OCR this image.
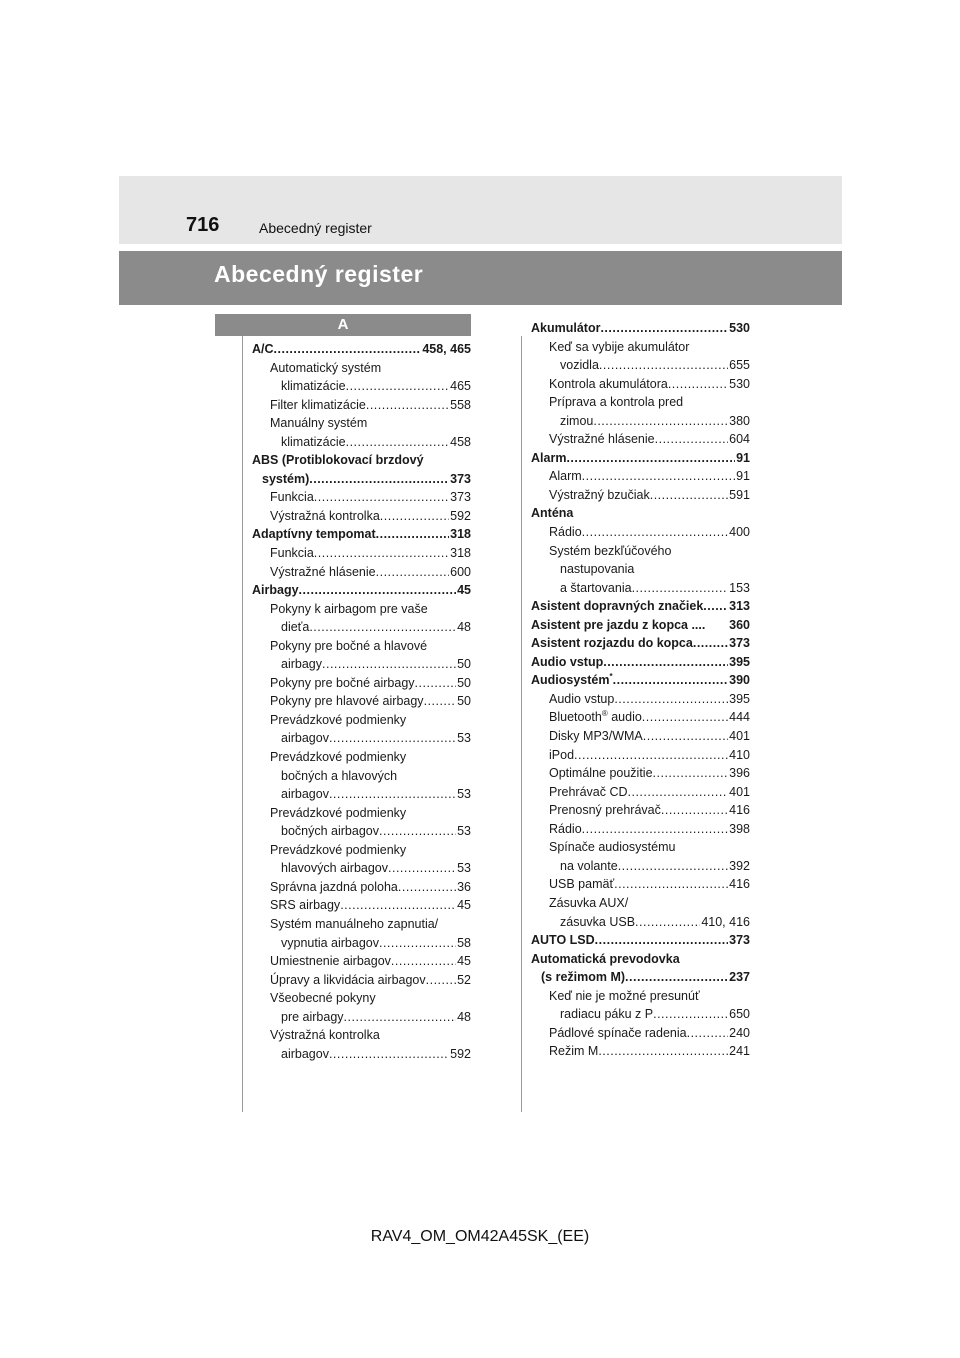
716	Abecedný register
Abecedný register
A
A/C .....	458, 465
Automatický systém
klimatizácie .....	465
Filter klimatizácie .....	558
Manuálny systém
klimatizácie .....	458
ABS (Protiblokovací brzdový
systém) .....	373
Funkcia .....	373
Výstražná kontrolka .....	592
Adaptívny tempomat .....	318
Funkcia .....	318
Výstražné hlásenie .....	600
Airbagy .....	45
Pokyny k airbagom pre vaše
dieťa .....	48
Pokyny pre bočné a hlavové
airbagy .....	50
Pokyny pre bočné airbagy .....	50
Pokyny pre hlavové airbagy .....	50
Prevádzkové podmienky
airbagov .....	53
Prevádzkové podmienky
bočných a hlavových
airbagov .....	53
Prevádzkové podmienky
bočných airbagov .....	53
Prevádzkové podmienky
hlavových airbagov .....	53
Správna jazdná poloha .....	36
SRS airbagy .....	45
Systém manuálneho zapnutia/
vypnutia airbagov .....	58
Umiestnenie airbagov .....	45
Úpravy a likvidácia airbagov .....	52
Všeobecné pokyny
pre airbagy .....	48
Výstražná kontrolka
airbagov .....	592
Akumulátor .....	530
Keď sa vybije akumulátor
vozidla .....	655
Kontrola akumulátora .....	530
Príprava a kontrola pred
zimou .....	380
Výstražné hlásenie .....	604
Alarm .....	91
Alarm .....	91
Výstražný bzučiak .....	591
Anténa
Rádio .....	400
Systém bezkľúčového
nastupovania
a štartovania .....	153
Asistent dopravných značiek ..... 313
Asistent pre jazdu z kopca .... 360
Asistent rozjazdu do kopca .....	373
Audio vstup .....	395
Audiosystém* .....	390
Audio vstup .....	395
Bluetooth® audio .....	444
Disky MP3/WMA .....	401
iPod .....	410
Optimálne použitie .....	396
Prehrávač CD .....	401
Prenosný prehrávač .....	416
Rádio .....	398
Spínače audiosystému
na volante .....	392
USB pamäť .....	416
Zásuvka AUX/
zásuvka USB .....	410, 416
AUTO LSD .....	373
Automatická prevodovka
(s režimom M) .....	237
Keď nie je možné presunúť
radiacu páku z P .....	650
Pádlové spínače radenia .....	240
Režim M .....	241
RAV4_OM_OM42A45SK_(EE)
